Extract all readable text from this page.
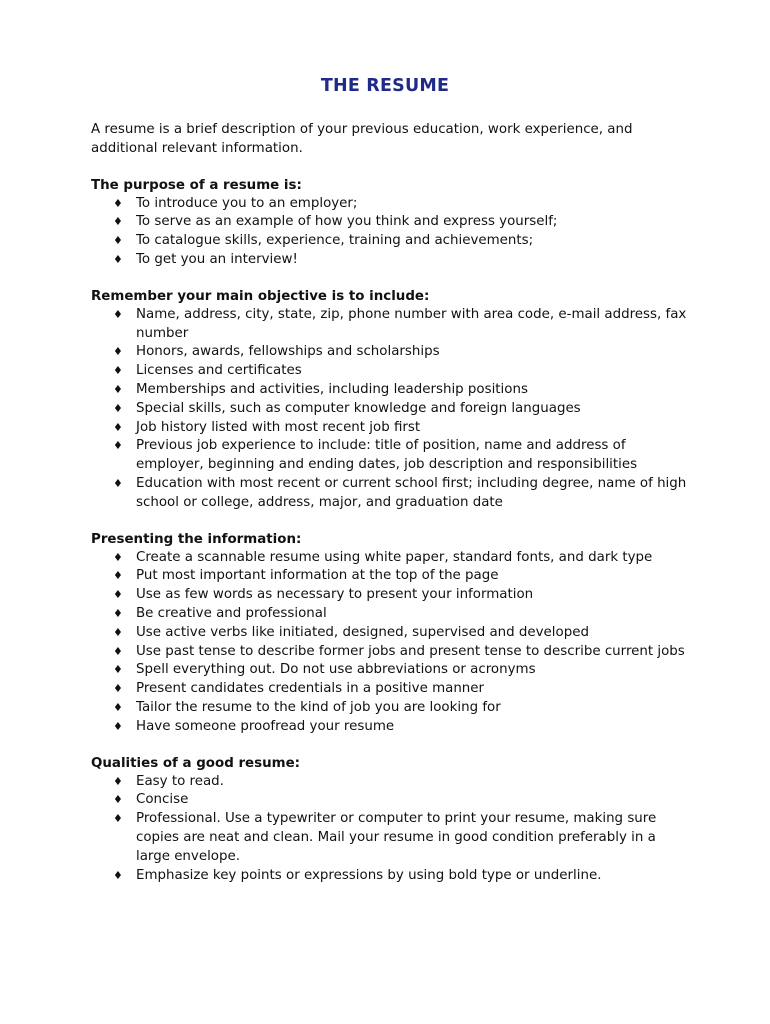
THE RESUME

A resume is a brief description of your previous education, work experience, and additional relevant information.

The purpose of a resume is:

♦ To introduce you to an employer;
♦ To serve as an example of how you think and express yourself;
♦ To catalogue skills, experience, training and achievements;
♦ To get you an interview!

Remember your main objective is to include:

♦ Name, address, city, state, zip, phone number with area code, e-mail address, fax number
♦ Honors, awards, fellowships and scholarships
♦ Licenses and certificates
♦ Memberships and activities, including leadership positions
♦ Special skills, such as computer knowledge and foreign languages
♦ Job history listed with most recent job first
♦ Previous job experience to include: title of position, name and address of employer, beginning and ending dates, job description and responsibilities
♦ Education with most recent or current school first; including degree, name of high school or college, address, major, and graduation date

Presenting the information:

♦ Create a scannable resume using white paper, standard fonts, and dark type
♦ Put most important information at the top of the page
♦ Use as few words as necessary to present your information
♦ Be creative and professional
♦ Use active verbs like initiated, designed, supervised and developed
♦ Use past tense to describe former jobs and present tense to describe current jobs
♦ Spell everything out. Do not use abbreviations or acronyms
♦ Present candidates credentials in a positive manner
♦ Tailor the resume to the kind of job you are looking for
♦ Have someone proofread your resume

Qualities of a good resume:

♦ Easy to read.
♦ Concise
♦ Professional. Use a typewriter or computer to print your resume, making sure copies are neat and clean. Mail your resume in good condition preferably in a large envelope.
♦ Emphasize key points or expressions by using bold type or underline.
